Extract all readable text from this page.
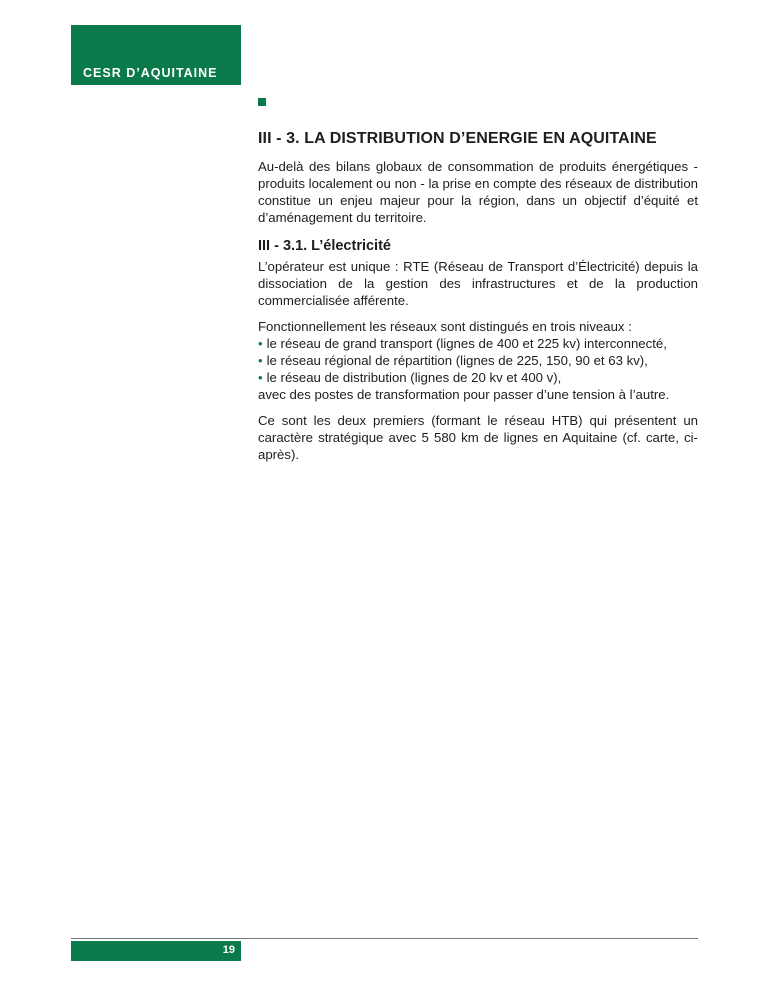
CESR D’AQUITAINE
III - 3. LA DISTRIBUTION D’ENERGIE EN AQUITAINE

Au-delà des bilans globaux de consommation de produits énergétiques - produits localement ou non - la prise en compte des réseaux de distribution constitue un enjeu majeur pour la région, dans un objectif d’équité et d’aménagement du territoire.

III - 3.1. L’électricité

L’opérateur est unique : RTE (Réseau de Transport d’Électricité) depuis la dissociation de la gestion des infrastructures et de la production commercialisée afférente.

Fonctionnellement les réseaux sont distingués en trois niveaux :

• le réseau de grand transport (lignes de 400 et 225 kv) interconnecté,
• le réseau régional de répartition (lignes de 225, 150, 90 et 63 kv),
• le réseau de distribution (lignes de 20 kv et 400 v),

avec des postes de transformation pour passer d’une tension à l’autre.

Ce sont les deux premiers (formant le réseau HTB) qui présentent un caractère stratégique avec 5 580 km de lignes en Aquitaine (cf. carte, ci-après).

19
